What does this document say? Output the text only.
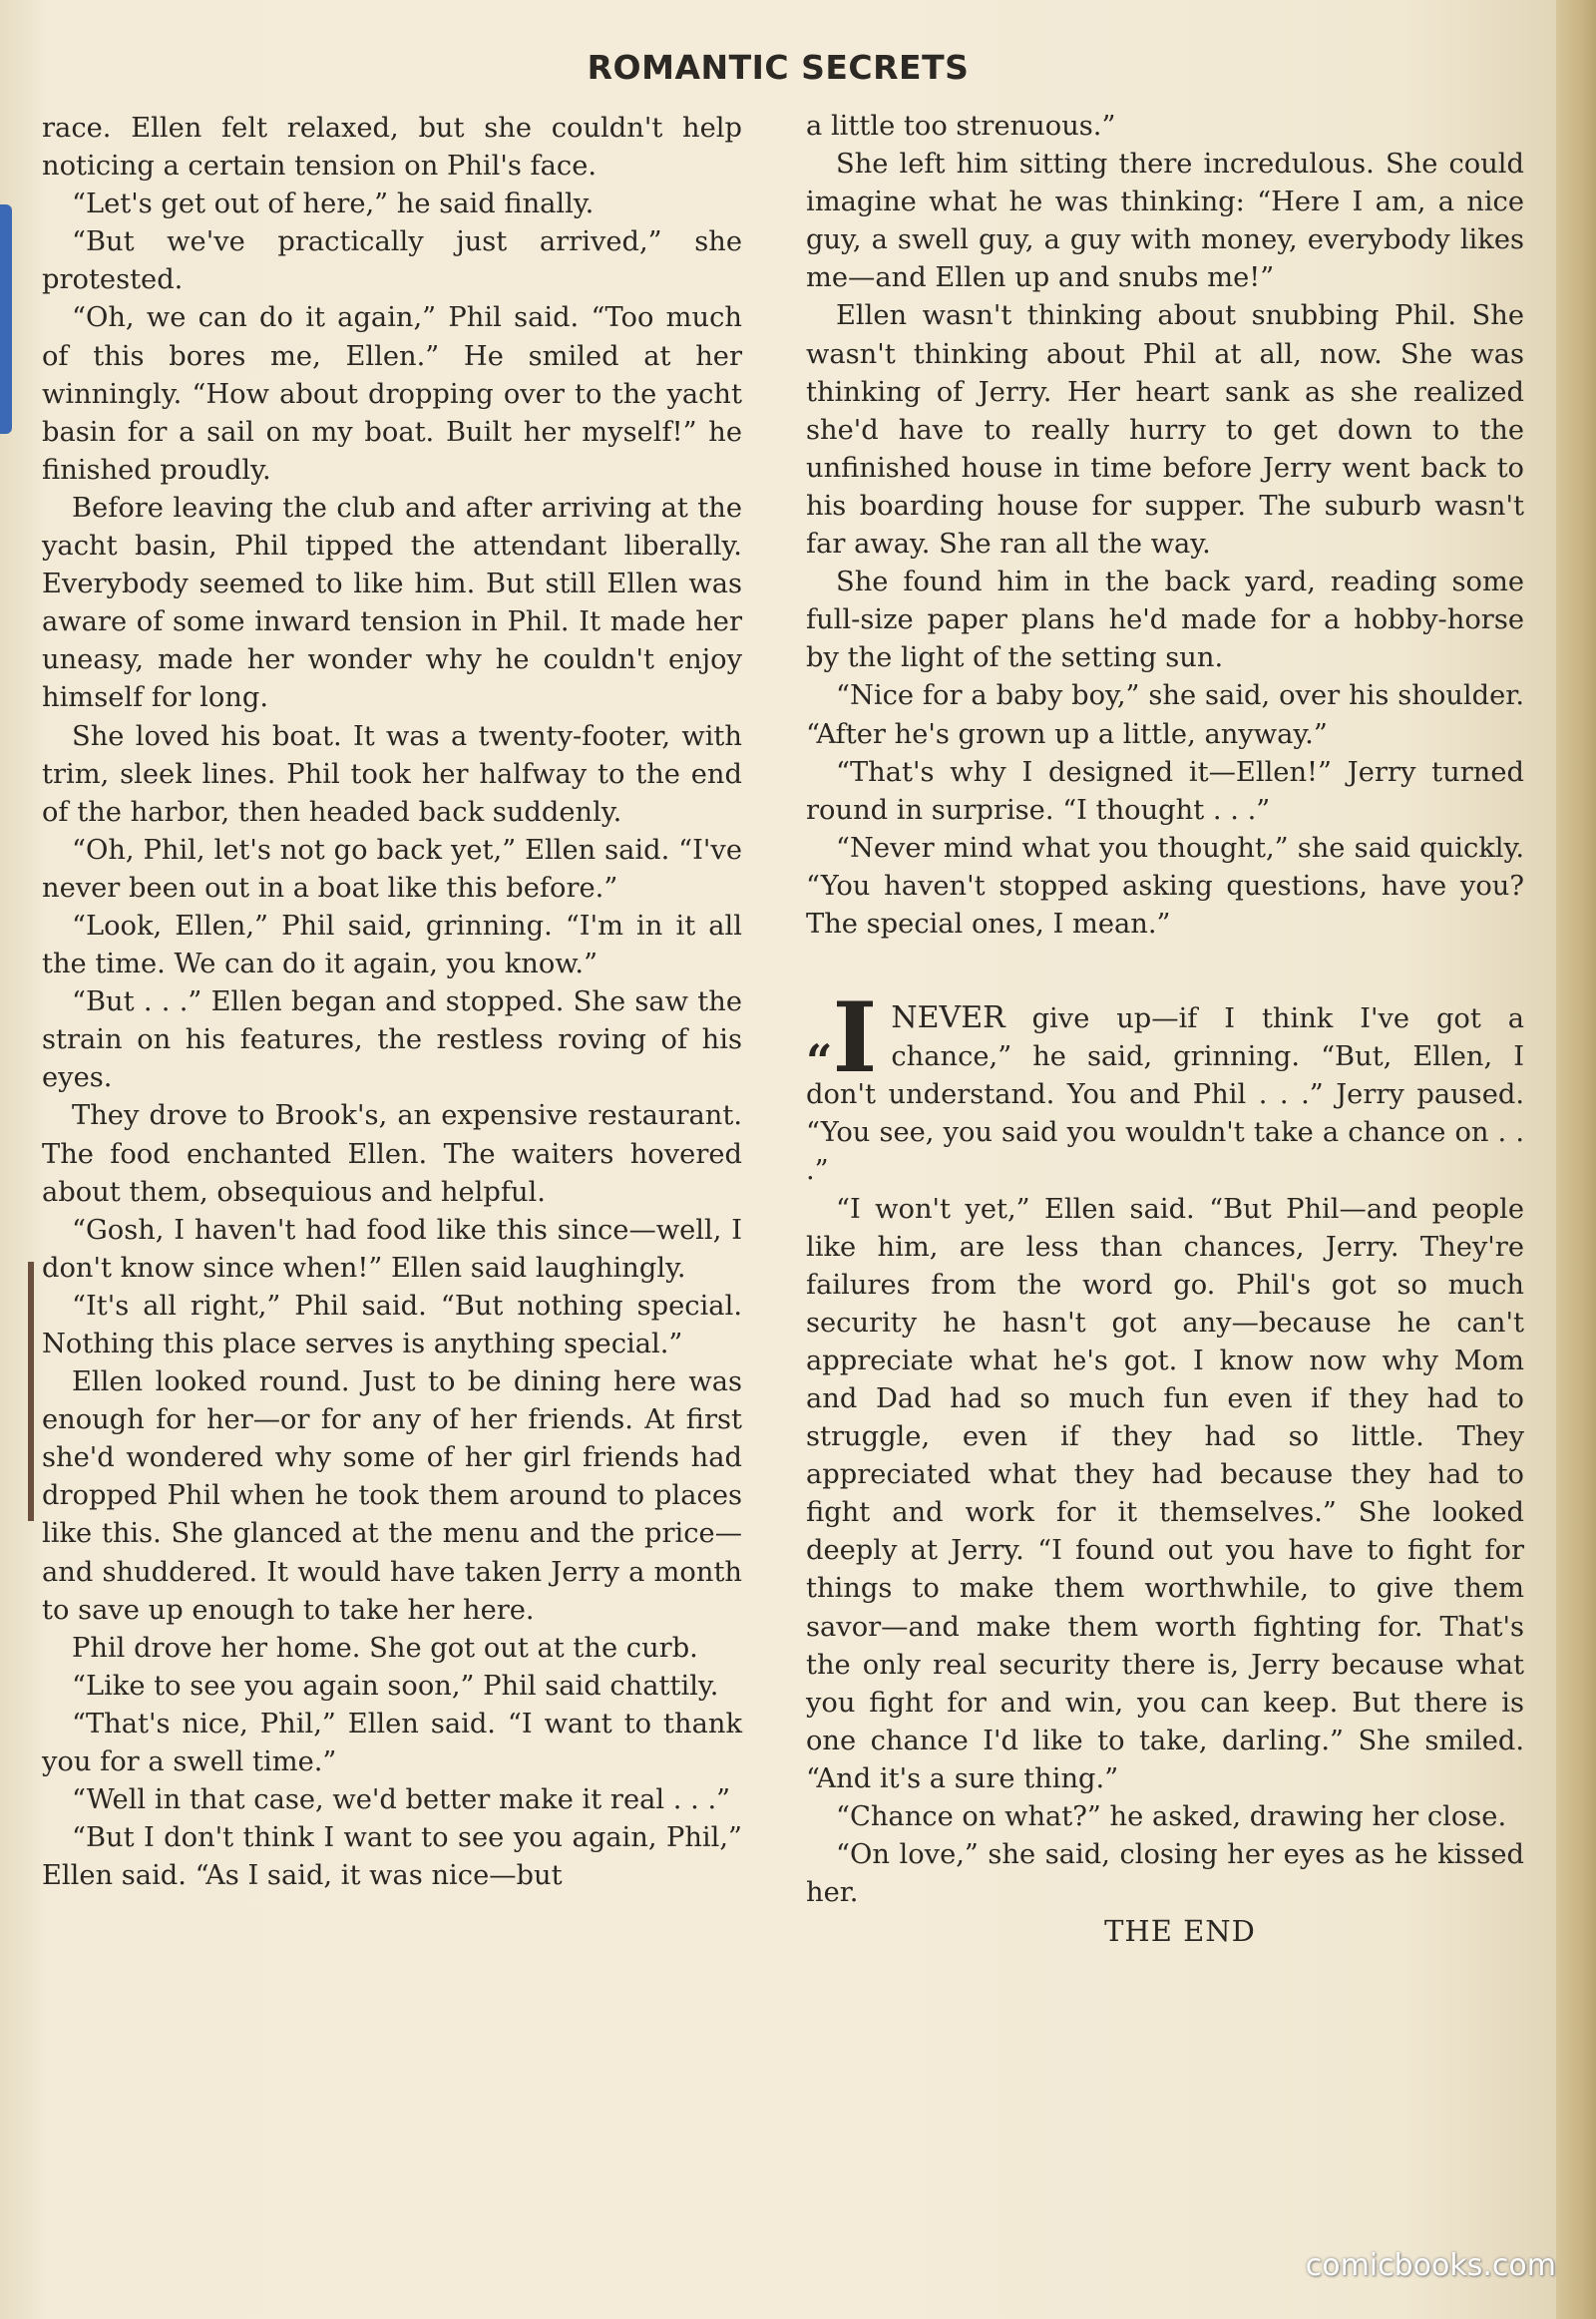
ROMANTIC SECRETS

race. Ellen felt relaxed, but she couldn't help noticing a certain tension on Phil's face.

“Let's get out of here,” he said finally.

“But we've practically just arrived,” she protested.

“Oh, we can do it again,” Phil said. “Too much of this bores me, Ellen.” He smiled at her winningly. “How about dropping over to the yacht basin for a sail on my boat. Built her myself!” he finished proudly.

Before leaving the club and after arriving at the yacht basin, Phil tipped the attendant liberally. Everybody seemed to like him. But still Ellen was aware of some inward tension in Phil. It made her uneasy, made her wonder why he couldn't enjoy himself for long.

She loved his boat. It was a twenty-footer, with trim, sleek lines. Phil took her halfway to the end of the harbor, then headed back suddenly.

“Oh, Phil, let's not go back yet,” Ellen said. “I've never been out in a boat like this before.”

“Look, Ellen,” Phil said, grinning. “I'm in it all the time. We can do it again, you know.”

“But . . .” Ellen began and stopped. She saw the strain on his features, the restless roving of his eyes.

They drove to Brook's, an expensive restaurant. The food enchanted Ellen. The waiters hovered about them, obsequious and helpful.

“Gosh, I haven't had food like this since—well, I don't know since when!” Ellen said laughingly.

“It's all right,” Phil said. “But nothing special. Nothing this place serves is anything special.”

Ellen looked round. Just to be dining here was enough for her—or for any of her friends. At first she'd wondered why some of her girl friends had dropped Phil when he took them around to places like this. She glanced at the menu and the price—and shuddered. It would have taken Jerry a month to save up enough to take her here.

Phil drove her home. She got out at the curb.

“Like to see you again soon,” Phil said chattily.

“That's nice, Phil,” Ellen said. “I want to thank you for a swell time.”

“Well in that case, we'd better make it real . . .”

“But I don't think I want to see you again, Phil,” Ellen said. “As I said, it was nice—but

a little too strenuous.”

She left him sitting there incredulous. She could imagine what he was thinking: “Here I am, a nice guy, a swell guy, a guy with money, everybody likes me—and Ellen up and snubs me!”

Ellen wasn't thinking about snubbing Phil. She wasn't thinking about Phil at all, now. She was thinking of Jerry. Her heart sank as she realized she'd have to really hurry to get down to the unfinished house in time before Jerry went back to his boarding house for supper. The suburb wasn't far away. She ran all the way.

She found him in the back yard, reading some full-size paper plans he'd made for a hobby-horse by the light of the setting sun.

“Nice for a baby boy,” she said, over his shoulder. “After he's grown up a little, anyway.”

“That's why I designed it—Ellen!” Jerry turned round in surprise. “I thought . . .”

“Never mind what you thought,” she said quickly. “You haven't stopped asking questions, have you? The special ones, I mean.”

“I NEVER give up—if I think I've got a chance,” he said, grinning. “But, Ellen, I don't understand. You and Phil . . .” Jerry paused. “You see, you said you wouldn't take a chance on . . .”

“I won't yet,” Ellen said. “But Phil—and people like him, are less than chances, Jerry. They're failures from the word go. Phil's got so much security he hasn't got any—because he can't appreciate what he's got. I know now why Mom and Dad had so much fun even if they had to struggle, even if they had so little. They appreciated what they had because they had to fight and work for it themselves.” She looked deeply at Jerry. “I found out you have to fight for things to make them worthwhile, to give them savor—and make them worth fighting for. That's the only real security there is, Jerry because what you fight for and win, you can keep. But there is one chance I'd like to take, darling.” She smiled. “And it's a sure thing.”

“Chance on what?” he asked, drawing her close.

“On love,” she said, closing her eyes as he kissed her.

THE END

comicbooks.com
